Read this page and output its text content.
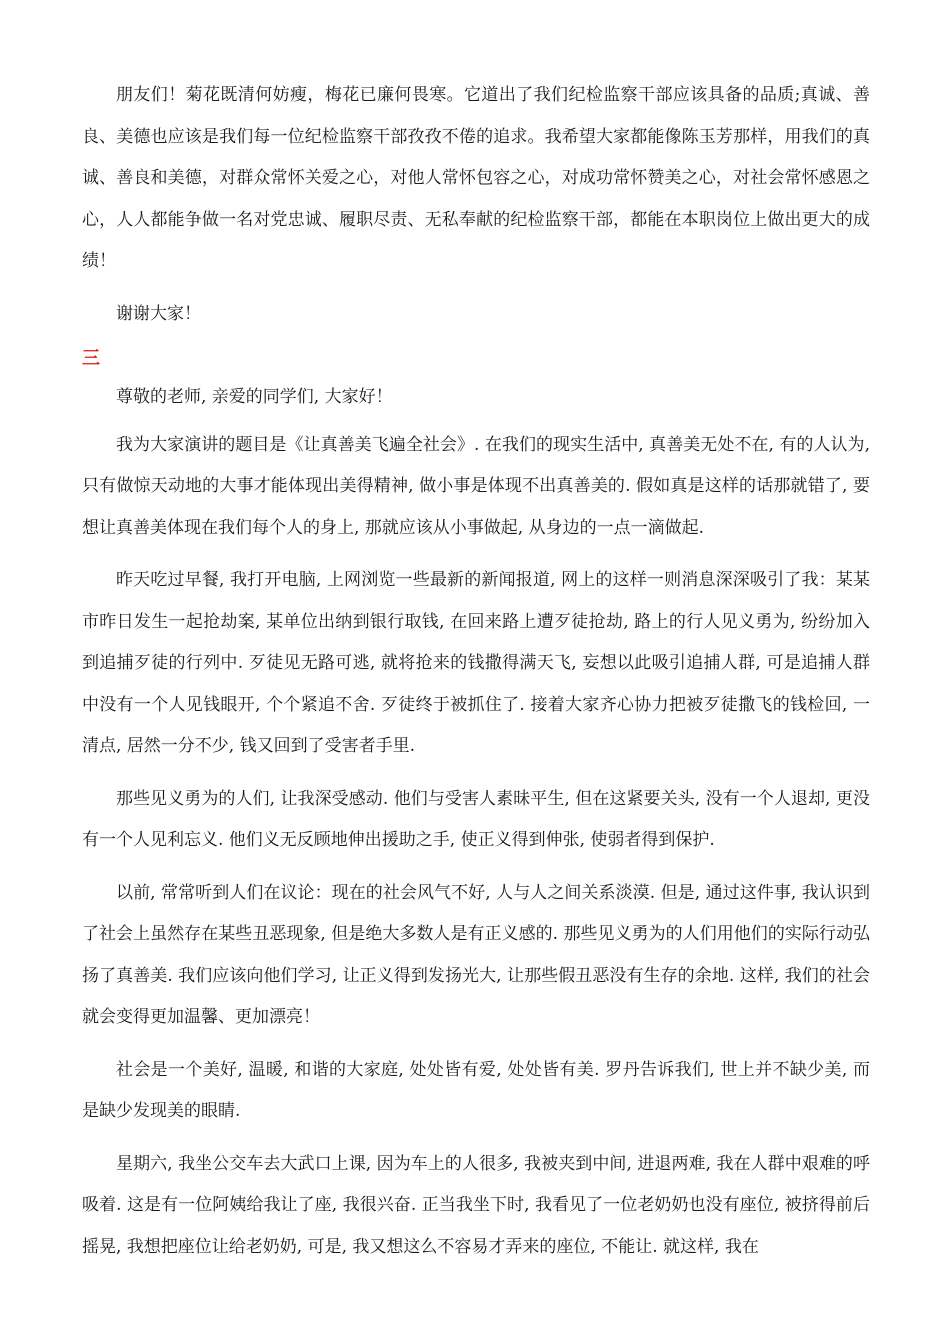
朋友们！菊花既清何妨瘦，梅花已廉何畏寒。它道出了我们纪检监察干部应该具备的品质;真诚、善良、美德也应该是我们每一位纪检监察干部孜孜不倦的追求。我希望大家都能像陈玉芳那样，用我们的真诚、善良和美德，对群众常怀关爱之心，对他人常怀包容之心，对成功常怀赞美之心，对社会常怀感恩之心，人人都能争做一名对党忠诚、履职尽责、无私奉献的纪检监察干部，都能在本职岗位上做出更大的成绩！

谢谢大家！

三

尊敬的老师, 亲爱的同学们, 大家好！

我为大家演讲的题目是《让真善美飞遍全社会》. 在我们的现实生活中, 真善美无处不在, 有的人认为, 只有做惊天动地的大事才能体现出美得精神, 做小事是体现不出真善美的. 假如真是这样的话那就错了, 要想让真善美体现在我们每个人的身上, 那就应该从小事做起, 从身边的一点一滴做起.

昨天吃过早餐, 我打开电脑, 上网浏览一些最新的新闻报道, 网上的这样一则消息深深吸引了我：某某市昨日发生一起抢劫案, 某单位出纳到银行取钱, 在回来路上遭歹徒抢劫, 路上的行人见义勇为, 纷纷加入到追捕歹徒的行列中. 歹徒见无路可逃, 就将抢来的钱撒得满天飞, 妄想以此吸引追捕人群, 可是追捕人群中没有一个人见钱眼开, 个个紧追不舍. 歹徒终于被抓住了. 接着大家齐心协力把被歹徒撒飞的钱检回, 一清点, 居然一分不少, 钱又回到了受害者手里.

那些见义勇为的人们, 让我深受感动. 他们与受害人素昧平生, 但在这紧要关头, 没有一个人退却, 更没有一个人见利忘义. 他们义无反顾地伸出援助之手, 使正义得到伸张, 使弱者得到保护.

以前, 常常听到人们在议论：现在的社会风气不好, 人与人之间关系淡漠. 但是, 通过这件事, 我认识到了社会上虽然存在某些丑恶现象, 但是绝大多数人是有正义感的. 那些见义勇为的人们用他们的实际行动弘扬了真善美. 我们应该向他们学习, 让正义得到发扬光大, 让那些假丑恶没有生存的余地. 这样, 我们的社会就会变得更加温馨、更加漂亮！

社会是一个美好, 温暖, 和谐的大家庭, 处处皆有爱, 处处皆有美. 罗丹告诉我们, 世上并不缺少美, 而是缺少发现美的眼睛.

星期六, 我坐公交车去大武口上课, 因为车上的人很多, 我被夹到中间, 进退两难, 我在人群中艰难的呼吸着. 这是有一位阿姨给我让了座, 我很兴奋. 正当我坐下时, 我看见了一位老奶奶也没有座位, 被挤得前后摇晃, 我想把座位让给老奶奶, 可是, 我又想这么不容易才弄来的座位, 不能让. 就这样, 我在
